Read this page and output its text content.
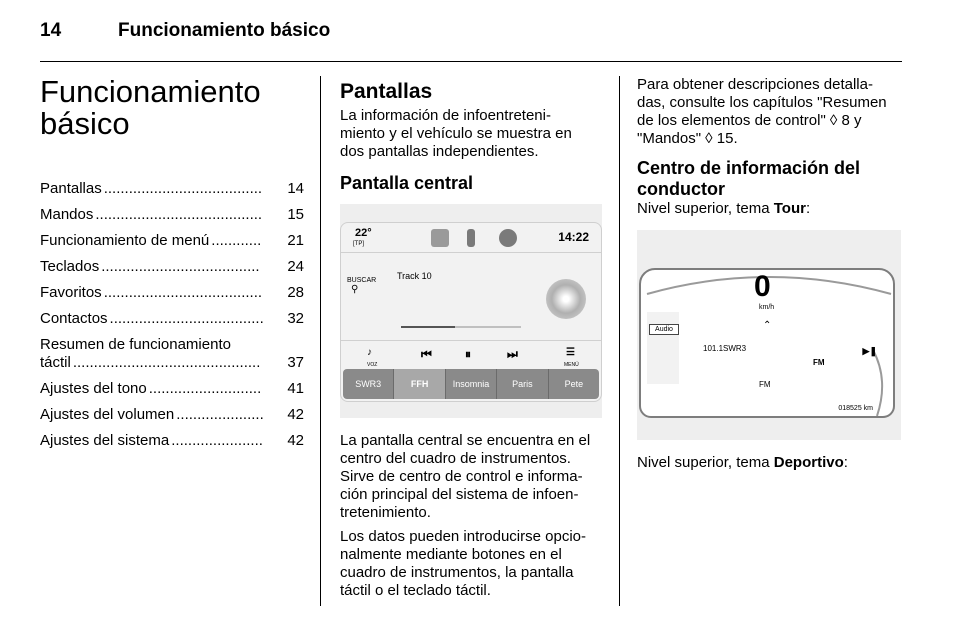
14	Funcionamiento básico
Funcionamiento
básico
Pantallas ......................................	14
Mandos ........................................	15
Funcionamiento de menú ............	21
Teclados ......................................	24
Favoritos ......................................	28
Contactos .....................................	32
Resumen de funcionamiento
táctil .............................................	37
Ajustes del tono ...........................	41
Ajustes del volumen .....................	42
Ajustes del sistema ......................	42
Pantallas
La información de infoentreteni-
miento y el vehículo se muestra en
dos pantallas independientes.
Pantalla central
22°
[TP]	14:22
BUSCAR
⚲
Track 10
♪
VOZ
⏮	⏸	⏭	☰
MENÚ
SWR3	FFH	Insomnia	Paris	Pete
La pantalla central se encuentra en el
centro del cuadro de instrumentos.
Sirve de centro de control e informa-
ción principal del sistema de infoen-
tretenimiento.
Los datos pueden introducirse opcio-
nalmente mediante botones en el
cuadro de instrumentos, la pantalla
táctil o el teclado táctil.
Para obtener descripciones detalla-
das, consulte los capítulos "Resumen
de los elementos de control" ◊ 8 y
"Mandos" ◊ 15.
Centro de información del
conductor
Nivel superior, tema Tour:
0
km/h
⌃
Audio
101.1SWR3
FM
FM
▶❚
018525 km
Nivel superior, tema Deportivo:
